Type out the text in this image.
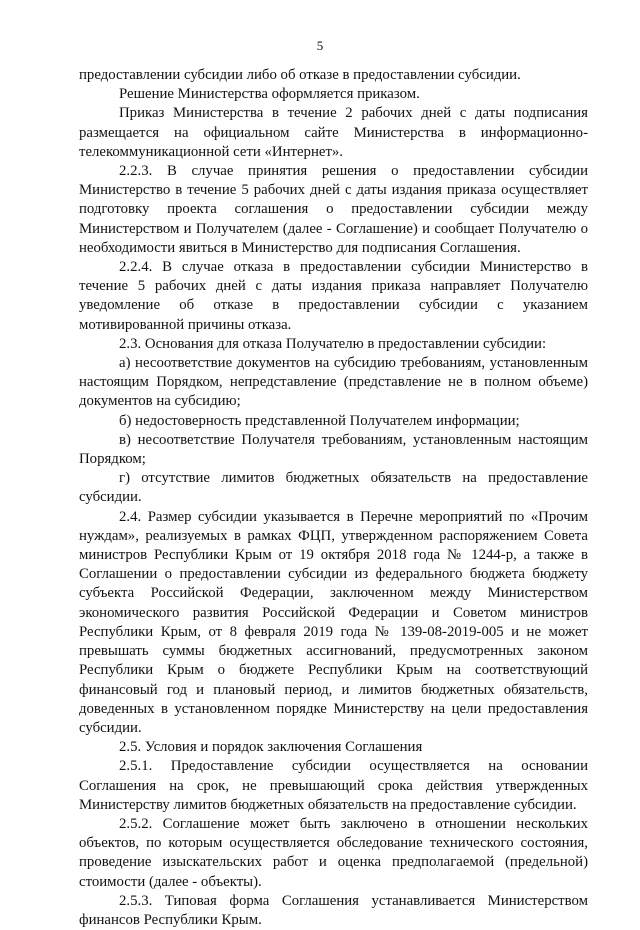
5

предоставлении субсидии либо об отказе в предоставлении субсидии.

Решение Министерства оформляется приказом.

Приказ Министерства в течение 2 рабочих дней с даты подписания размещается на официальном сайте Министерства в информационно-телекоммуникационной сети «Интернет».

2.2.3. В случае принятия решения о предоставлении субсидии Министерство в течение 5 рабочих дней с даты издания приказа осуществляет подготовку проекта соглашения о предоставлении субсидии между Министерством и Получателем (далее - Соглашение) и сообщает Получателю о необходимости явиться в Министерство для подписания Соглашения.

2.2.4. В случае отказа в предоставлении субсидии Министерство в течение 5 рабочих дней с даты издания приказа направляет Получателю уведомление об отказе в предоставлении субсидии с указанием мотивированной причины отказа.

2.3. Основания для отказа Получателю в предоставлении субсидии:

а) несоответствие документов на субсидию требованиям, установленным настоящим Порядком, непредставление (представление не в полном объеме) документов на субсидию;

б) недостоверность представленной Получателем информации;

в) несоответствие Получателя требованиям, установленным настоящим Порядком;

г) отсутствие лимитов бюджетных обязательств на предоставление субсидии.

2.4. Размер субсидии указывается в Перечне мероприятий по «Прочим нуждам», реализуемых в рамках ФЦП, утвержденном распоряжением Совета министров Республики Крым от 19 октября 2018 года № 1244-р, а также в Соглашении о предоставлении субсидии из федерального бюджета бюджету субъекта Российской Федерации, заключенном между Министерством экономического развития Российской Федерации и Советом министров Республики Крым, от 8 февраля 2019 года № 139-08-2019-005 и не может превышать суммы бюджетных ассигнований, предусмотренных законом Республики Крым о бюджете Республики Крым на соответствующий финансовый год и плановый период, и лимитов бюджетных обязательств, доведенных в установленном порядке Министерству на цели предоставления субсидии.

2.5. Условия и порядок заключения Соглашения

2.5.1. Предоставление субсидии осуществляется на основании Соглашения на срок, не превышающий срока действия утвержденных Министерству лимитов бюджетных обязательств на предоставление субсидии.

2.5.2. Соглашение может быть заключено в отношении нескольких объектов, по которым осуществляется обследование технического состояния, проведение изыскательских работ и оценка предполагаемой (предельной) стоимости (далее - объекты).

2.5.3. Типовая форма Соглашения устанавливается Министерством финансов Республики Крым.
